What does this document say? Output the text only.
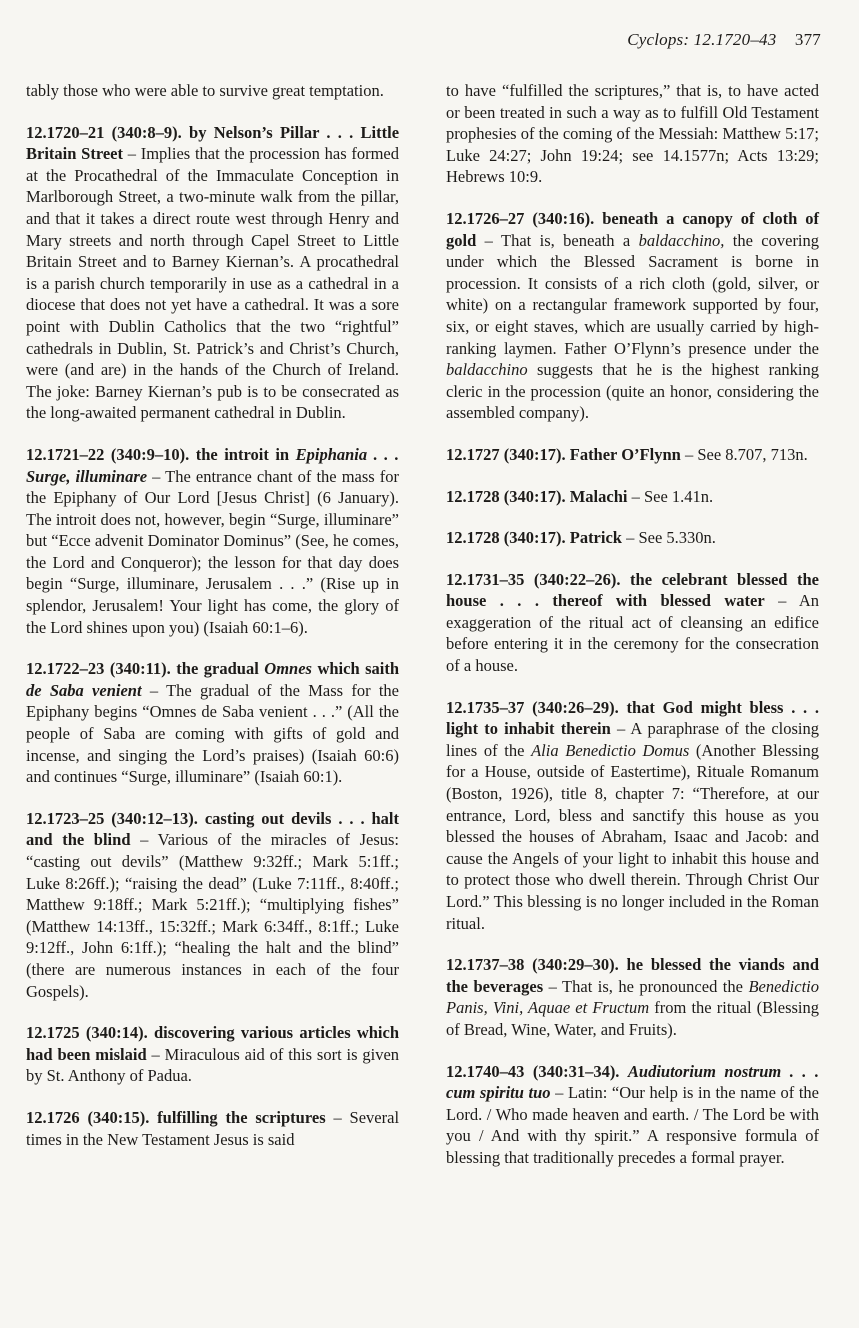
Cyclops: 12.1720–43 377

tably those who were able to survive great temptation.

12.1720–21 (340:8–9). by Nelson’s Pillar . . . Little Britain Street – Implies that the procession has formed at the Procathedral of the Immaculate Conception in Marlborough Street, a two-minute walk from the pillar, and that it takes a direct route west through Henry and Mary streets and north through Capel Street to Little Britain Street and to Barney Kiernan’s. A procathedral is a parish church temporarily in use as a cathedral in a diocese that does not yet have a cathedral. It was a sore point with Dublin Catholics that the two “rightful” cathedrals in Dublin, St. Patrick’s and Christ’s Church, were (and are) in the hands of the Church of Ireland. The joke: Barney Kiernan’s pub is to be consecrated as the long-awaited permanent cathedral in Dublin.

12.1721–22 (340:9–10). the introit in Epiphania . . . Surge, illuminare – The entrance chant of the mass for the Epiphany of Our Lord [Jesus Christ] (6 January). The introit does not, however, begin “Surge, illuminare” but “Ecce advenit Dominator Dominus” (See, he comes, the Lord and Conqueror); the lesson for that day does begin “Surge, illuminare, Jerusalem . . .” (Rise up in splendor, Jerusalem! Your light has come, the glory of the Lord shines upon you) (Isaiah 60:1–6).

12.1722–23 (340:11). the gradual Omnes which saith de Saba venient – The gradual of the Mass for the Epiphany begins “Omnes de Saba venient . . .” (All the people of Saba are coming with gifts of gold and incense, and singing the Lord’s praises) (Isaiah 60:6) and continues “Surge, illuminare” (Isaiah 60:1).

12.1723–25 (340:12–13). casting out devils . . . halt and the blind – Various of the miracles of Jesus: “casting out devils” (Matthew 9:32ff.; Mark 5:1ff.; Luke 8:26ff.); “raising the dead” (Luke 7:11ff., 8:40ff.; Matthew 9:18ff.; Mark 5:21ff.); “multiplying fishes” (Matthew 14:13ff., 15:32ff.; Mark 6:34ff., 8:1ff.; Luke 9:12ff., John 6:1ff.); “healing the halt and the blind” (there are numerous instances in each of the four Gospels).

12.1725 (340:14). discovering various articles which had been mislaid – Miraculous aid of this sort is given by St. Anthony of Padua.

12.1726 (340:15). fulfilling the scriptures – Several times in the New Testament Jesus is said

to have “fulfilled the scriptures,” that is, to have acted or been treated in such a way as to fulfill Old Testament prophesies of the coming of the Messiah: Matthew 5:17; Luke 24:27; John 19:24; see 14.1577n; Acts 13:29; Hebrews 10:9.

12.1726–27 (340:16). beneath a canopy of cloth of gold – That is, beneath a baldacchino, the covering under which the Blessed Sacrament is borne in procession. It consists of a rich cloth (gold, silver, or white) on a rectangular framework supported by four, six, or eight staves, which are usually carried by high-ranking laymen. Father O’Flynn’s presence under the baldacchino suggests that he is the highest ranking cleric in the procession (quite an honor, considering the assembled company).

12.1727 (340:17). Father O’Flynn – See 8.707, 713n.

12.1728 (340:17). Malachi – See 1.41n.

12.1728 (340:17). Patrick – See 5.330n.

12.1731–35 (340:22–26). the celebrant blessed the house . . . thereof with blessed water – An exaggeration of the ritual act of cleansing an edifice before entering it in the ceremony for the consecration of a house.

12.1735–37 (340:26–29). that God might bless . . . light to inhabit therein – A paraphrase of the closing lines of the Alia Benedictio Domus (Another Blessing for a House, outside of Eastertime), Rituale Romanum (Boston, 1926), title 8, chapter 7: “Therefore, at our entrance, Lord, bless and sanctify this house as you blessed the houses of Abraham, Isaac and Jacob: and cause the Angels of your light to inhabit this house and to protect those who dwell therein. Through Christ Our Lord.” This blessing is no longer included in the Roman ritual.

12.1737–38 (340:29–30). he blessed the viands and the beverages – That is, he pronounced the Benedictio Panis, Vini, Aquae et Fructum from the ritual (Blessing of Bread, Wine, Water, and Fruits).

12.1740–43 (340:31–34). Audiutorium nostrum . . . cum spiritu tuo – Latin: “Our help is in the name of the Lord. / Who made heaven and earth. / The Lord be with you / And with thy spirit.” A responsive formula of blessing that traditionally precedes a formal prayer.
